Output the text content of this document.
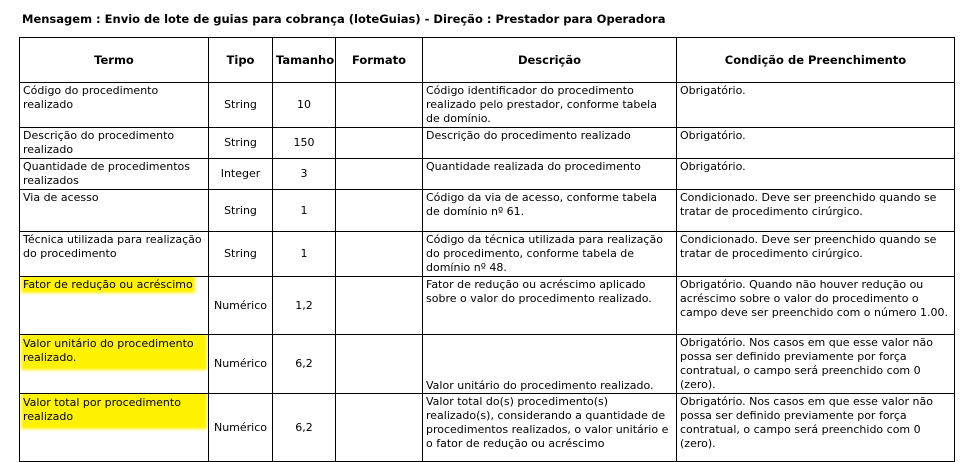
Mensagem : Envio de lote de guias para cobrança (loteGuias) - Direção : Prestador para Operadora
Termo	Tipo	Tamanho	Formato	Descrição	Condição de Preenchimento
Código do procedimento realizado	String	10		Código identificador do procedimento realizado pelo prestador, conforme tabela de domínio.	Obrigatório.
Descrição do procedimento realizado	String	150		Descrição do procedimento realizado	Obrigatório.
Quantidade de procedimentos realizados	Integer	3		Quantidade realizada do procedimento	Obrigatório.
Via de acesso	String	1		Código da via de acesso, conforme tabela de domínio nº 61.	Condicionado. Deve ser preenchido quando se tratar de procedimento cirúrgico.
Técnica utilizada para realização do procedimento	String	1		Código da técnica utilizada para realização do procedimento, conforme tabela de domínio nº 48.	Condicionado. Deve ser preenchido quando se tratar de procedimento cirúrgico.
Fator de redução ou acréscimo	Numérico	1,2		Fator de redução ou acréscimo aplicado sobre o valor do procedimento realizado.	Obrigatório. Quando não houver redução ou acréscimo sobre o valor do procedimento o campo deve ser preenchido com o número 1.00.
Valor unitário do procedimento realizado.	Numérico	6,2		Valor unitário do procedimento realizado.	Obrigatório. Nos casos em que esse valor não possa ser definido previamente por força contratual, o campo será preenchido com 0 (zero).
Valor total por procedimento realizado	Numérico	6,2		Valor total do(s) procedimento(s) realizado(s), considerando a quantidade de procedimentos realizados, o valor unitário e o fator de redução ou acréscimo	Obrigatório. Nos casos em que esse valor não possa ser definido previamente por força contratual, o campo será preenchido com 0 (zero).
